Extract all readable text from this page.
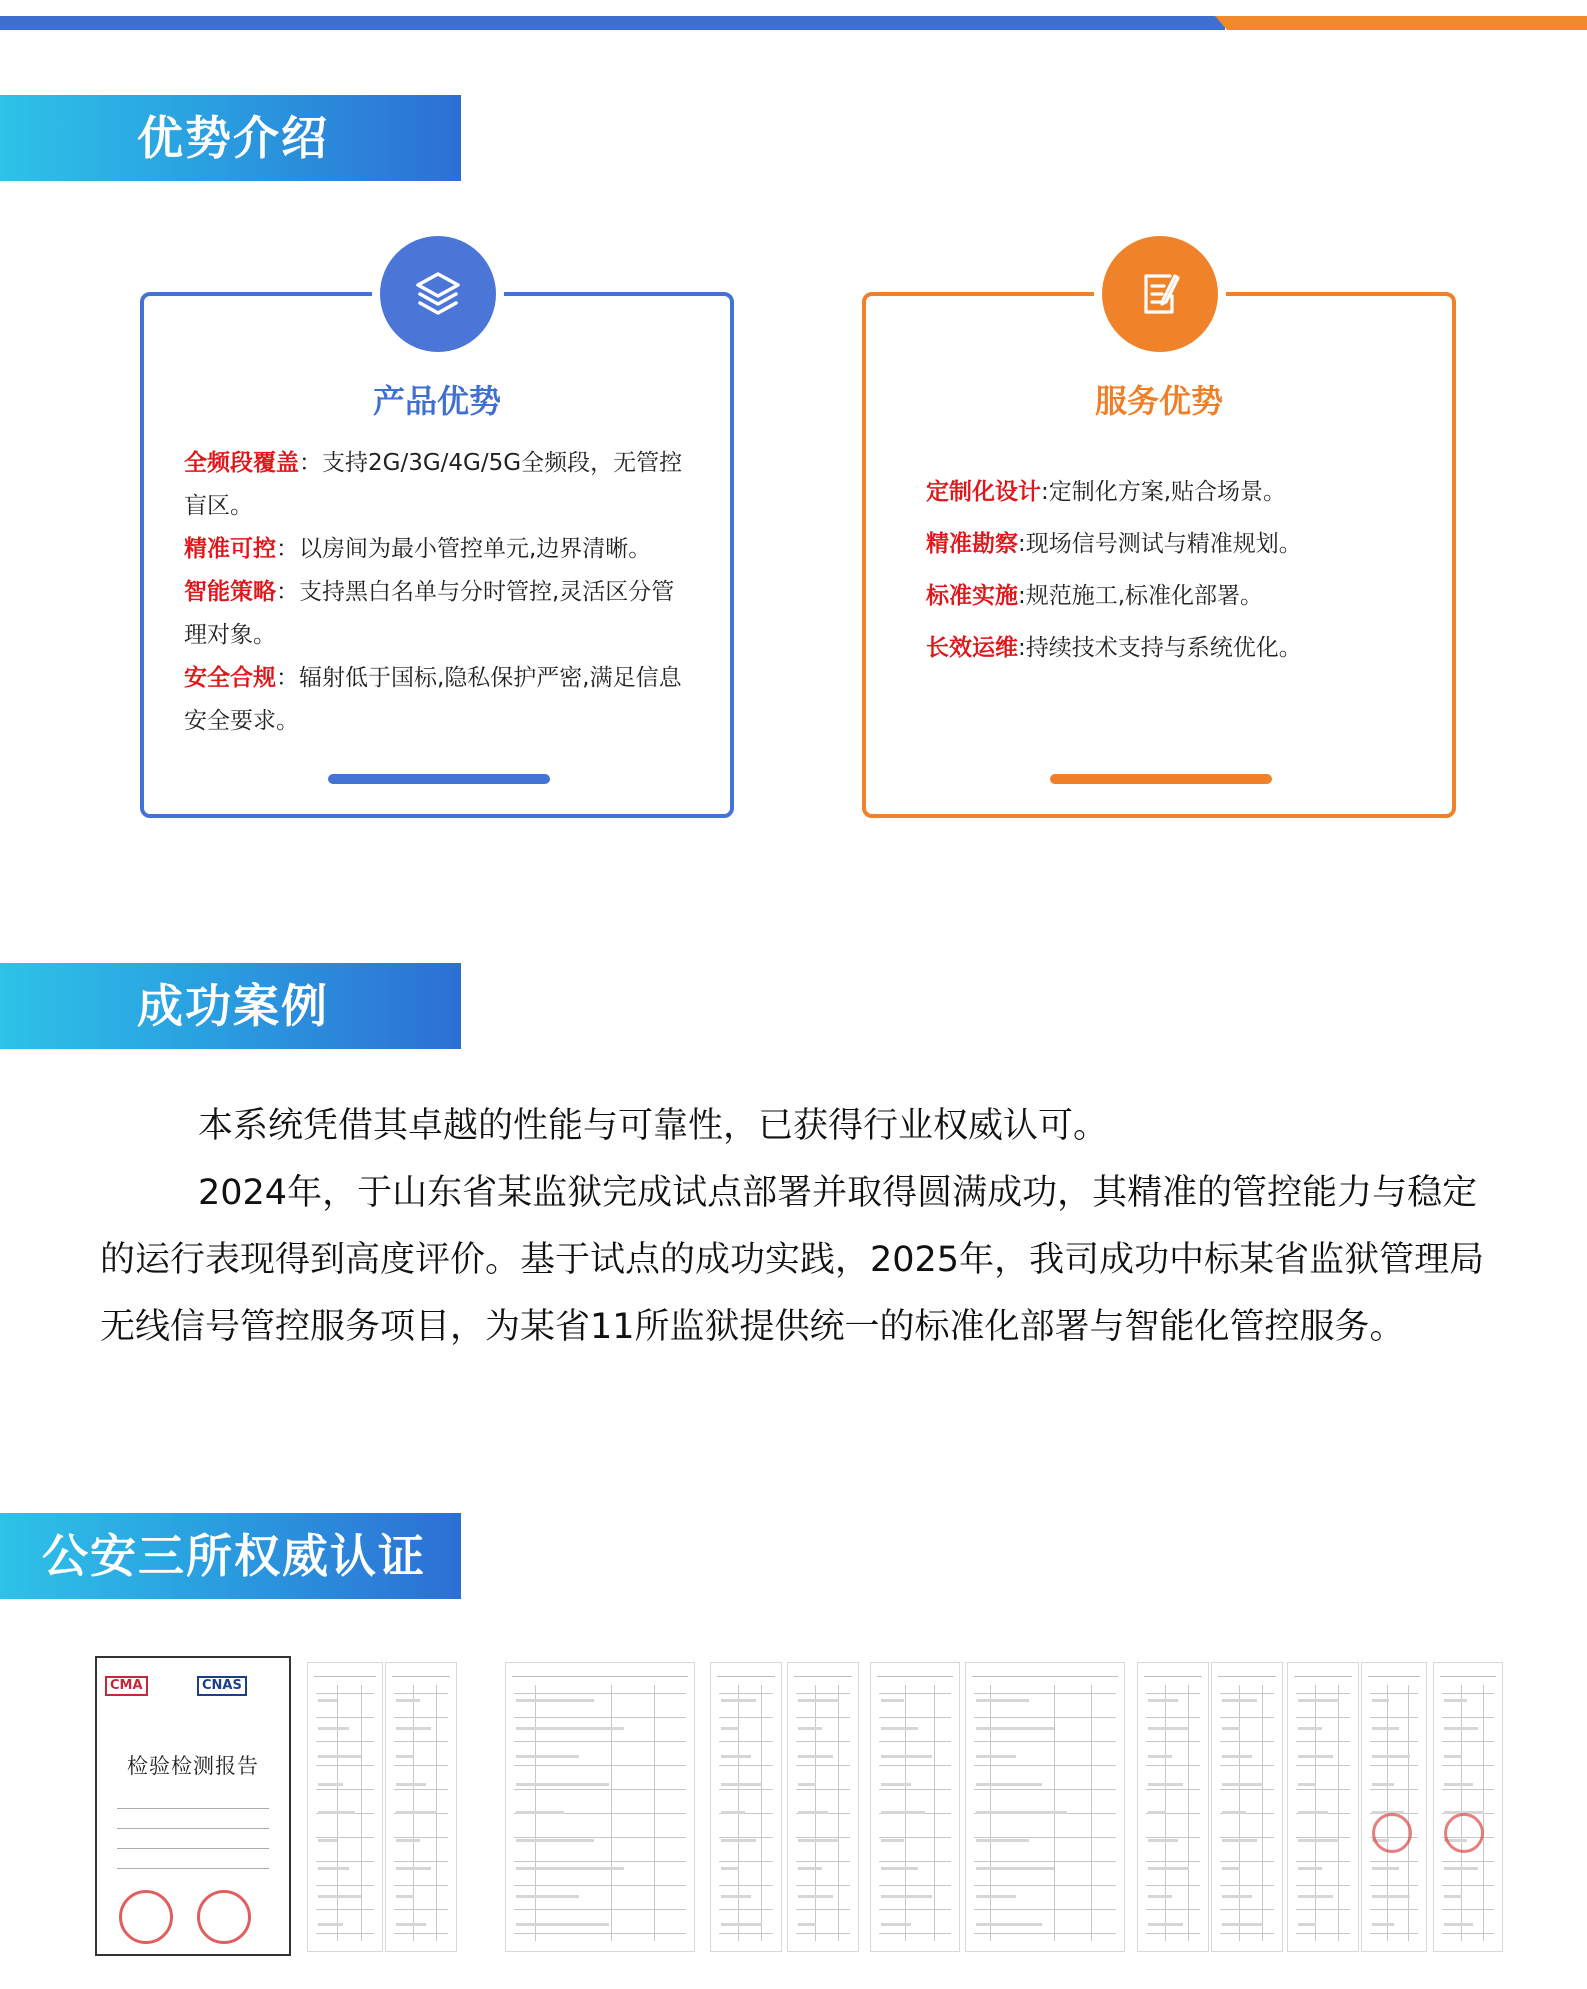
优势介绍
产品优势

全频段覆盖：支持2G/3G/4G/5G全频段，无管控盲区。

精准可控：以房间为最小管控单元,边界清晰。

智能策略：支持黑白名单与分时管控,灵活区分管理对象。

安全合规：辐射低于国标,隐私保护严密,满足信息安全要求。

服务优势

定制化设计:定制化方案,贴合场景。

精准勘察:现场信号测试与精准规划。

标准实施:规范施工,标准化部署。

长效运维:持续技术支持与系统优化。

成功案例

本系统凭借其卓越的性能与可靠性，已获得行业权威认可。

2024年，于山东省某监狱完成试点部署并取得圆满成功，其精准的管控能力与稳定的运行表现得到高度评价。基于试点的成功实践，2025年，我司成功中标某省监狱管理局无线信号管控服务项目，为某省11所监狱提供统一的标准化部署与智能化管控服务。

公安三所权威认证
CMA	CNAS
检验检测报告
